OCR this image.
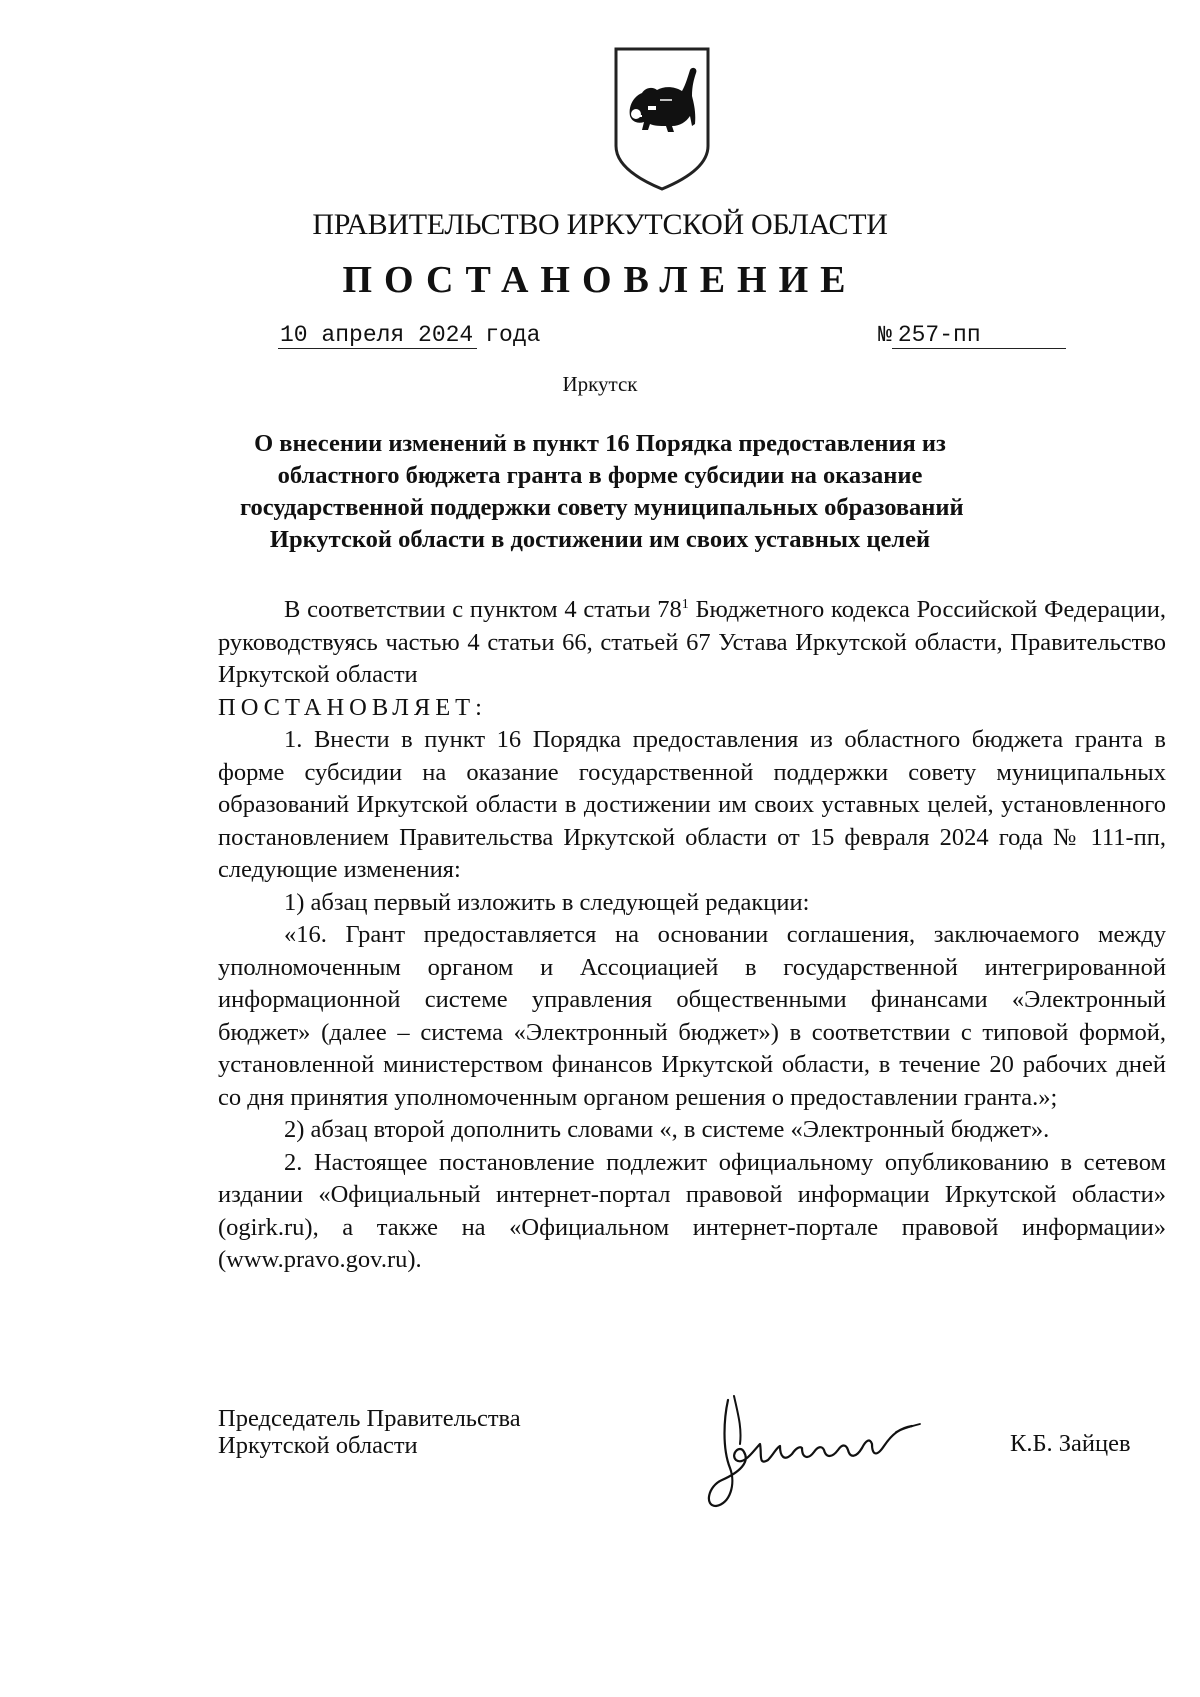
ПРАВИТЕЛЬСТВО ИРКУТСКОЙ ОБЛАСТИ
ПОСТАНОВЛЕНИЕ
10 апреля 2024 года	№ 257-пп
Иркутск
О внесении изменений в пункт 16 Порядка предоставления из
областного бюджета гранта в форме субсидии на оказание
государственной поддержки совету муниципальных образований
Иркутской области в достижении им своих уставных целей
В соответствии с пунктом 4 статьи $78^1$ Бюджетного кодекса Российской Федерации, руководствуясь частью 4 статьи 66, статьей 67 Устава Иркутской области, Правительство Иркутской области
ПОСТАНОВЛЯЕТ:
1. Внести в пункт 16 Порядка предоставления из областного бюджета гранта в форме субсидии на оказание государственной поддержки совету муниципальных образований Иркутской области в достижении им своих уставных целей, установленного постановлением Правительства Иркутской области от 15 февраля 2024 года № 111-пп, следующие изменения:
1) абзац первый изложить в следующей редакции:
«16. Грант предоставляется на основании соглашения, заключаемого между уполномоченным органом и Ассоциацией в государственной интегрированной информационной системе управления общественными финансами «Электронный бюджет» (далее – система «Электронный бюджет») в соответствии с типовой формой, установленной министерством финансов Иркутской области, в течение 20 рабочих дней со дня принятия уполномоченным органом решения о предоставлении гранта.»;
2) абзац второй дополнить словами «, в системе «Электронный бюджет».
2. Настоящее постановление подлежит официальному опубликованию в сетевом издании «Официальный интернет-портал правовой информации Иркутской области» (ogirk.ru), а также на «Официальном интернет-портале правовой информации» (www.pravo.gov.ru).
Председатель Правительства
Иркутской области	К.Б. Зайцев
